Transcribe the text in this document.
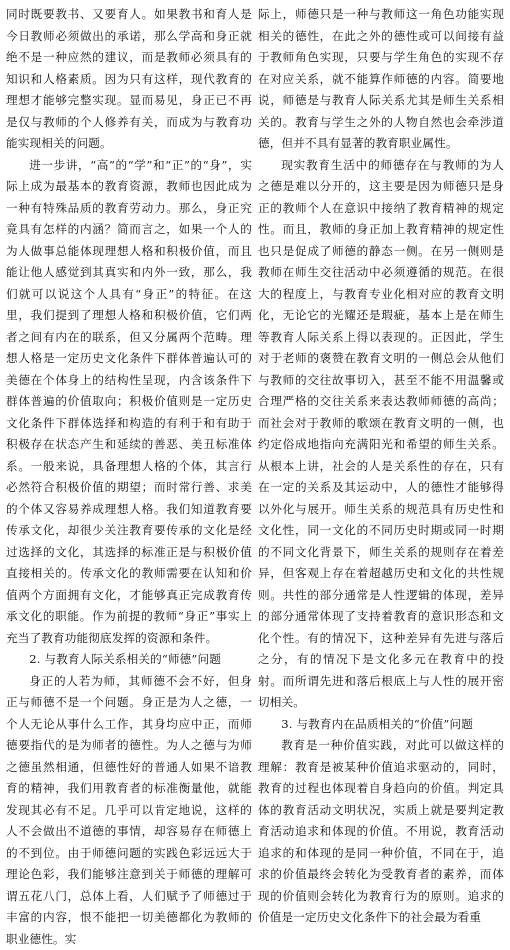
同时既要教书、又要育人。如果教书和育人是今日教师必须做出的承诺，那么学高和身正就绝不是一种应然的建议，而是教师必须具有的知识和人格素质。因为只有这样，现代教育的理想才能够完整实现。显而易见，身正已不再是仅与教师的个人修养有关，而成为与教育功能实现相关的问题。

进一步讲，“高”的“学”和“正”的“身”，实际上成为最基本的教育资源，教师也因此成为一种有特殊品质的教育劳动力。那么，身正究竟具有怎样的内涵？简而言之，如果一个人的为人做事总能体现理想人格和积极价值，而且能让他人感觉到其真实和内外一致，那么，我们就可以说这个人具有“身正”的特征。在这里，我们提到了理想人格和积极价值，它们两者之间有内在的联系，但又分属两个范畴。理想人格是一定历史文化条件下群体普遍认可的美德在个体身上的结构性呈现，内含该条件下群体普遍的价值取向；积极价值则是一定历史文化条件下群体选择和构造的有利于和有助于积极存在状态产生和延续的善恶、美丑标准体系。一般来说，具备理想人格的个体，其言行必然符合积极价值的期望；而时常行善、求美的个体又容易养成理想人格。我们知道教育要传承文化，却很少关注教育要传承的文化是经过选择的文化，其选择的标准正是与积极价值直接相关的。传承文化的教师需要在认知和价值两个方面拥有文化，才能够真正完成教育传承文化的职能。作为前提的教师“身正”事实上充当了教育功能彻底发挥的资源和条件。

2. 与教育人际关系相关的“师德”问题

身正的人若为师，其师德不会不好，但身正与师德不是一个问题。身正是为人之德，一个人无论从事什么工作，其身均应中正，而师德要指代的是为师者的德性。为人之德与为师之德虽然相通，但德性好的普通人如果不谙教育的精神，我们用教育者的标准衡量他，就能发现其必有不足。几乎可以肯定地说，这样的人不会做出不道德的事情，却容易存在师德上的不到位。由于师德问题的实践色彩远远大于理论色彩，我们能够注意到关于师德的理解可谓五花八门，总体上看，人们赋予了师德过于丰富的内容，恨不能把一切美德都化为教师的职业德性。实

际上，师德只是一种与教师这一角色功能实现相关的德性，在此之外的德性或可以间接有益于教师角色实现，只要与学生角色的实现不存在对应关系，就不能算作师德的内容。简要地说，师德是与教育人际关系尤其是师生关系相关的。教育与学生之外的人物自然也会牵涉道德，但并不具有显著的教育职业属性。

现实教育生活中的师德存在与教师的为人之德是难以分开的，这主要是因为师德只是身正的教师个人在意识中接纳了教育精神的规定性。而且，教师的身正加上教育精神的规定性也只是促成了师德的静态一侧。在另一侧则是教师在师生交往活动中必须遵循的规范。在很大的程度上，与教育专业化相对应的教育文明化，无论它的光耀还是瑕疵，基本上是在师生等教育人际关系上得以表现的。正因此，学生对于老师的褒赞在教育文明的一侧总会从他们与教师的交往故事切入，甚至不能不用温馨或合理严格的交往关系来表达教师师德的高尚；而社会对于教师的歌颂在教育文明的一侧，也约定俗成地指向充满阳光和希望的师生关系。从根本上讲，社会的人是关系性的存在，只有在一定的关系及其运动中，人的德性才能够得以外化与展开。师生关系的规范具有历史性和文化性，同一文化的不同历史时期或同一时期的不同文化背景下，师生关系的规则存在着差异，但客观上存在着超越历史和文化的共性规则。共性的部分通常是人性逻辑的体现，差异的部分通常体现了支持着教育的意识形态和文化个性。有的情况下，这种差异有先进与落后之分，有的情况下是文化多元在教育中的投射。而所谓先进和落后根底上与人性的展开密切相关。

3. 与教育内在品质相关的“价值”问题

教育是一种价值实践，对此可以做这样的理解：教育是被某种价值追求驱动的，同时，教育的过程也体现着自身趋向的价值。判定具体的教育活动文明状况，实质上就是要判定教育活动追求和体现的价值。不用说，教育活动追求的和体现的是同一种价值，不同在于，追求的价值最终会转化为受教育者的素养，而体现的价值则会转化为教育行为的原则。追求的价值是一定历史文化条件下的社会最为看重
